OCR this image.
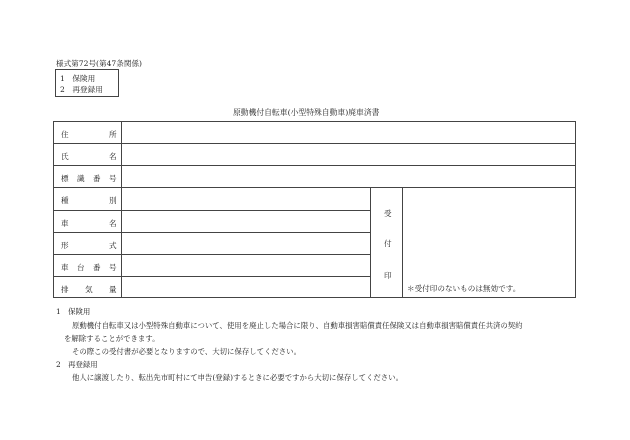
様式第72号(第47条関係)
1　保険用
2　再登録用
原動機付自転車(小型特殊自動車)廃車済書
住	所
氏	名
標 識 番 号
種	別
車	名
形	式
車 台 番 号
排 気 量
受
付
印
＊受付印のないものは無効です。
1　保険用
原動機付自転車又は小型特殊自動車について、使用を廃止した場合に限り、自動車損害賠償責任保険又は自動車損害賠償責任共済の契約
を解除することができます。
その際この受付書が必要となりますので、大切に保存してください。
2　再登録用
他人に譲渡したり、転出先市町村にて申告(登録)するときに必要ですから大切に保存してください。
